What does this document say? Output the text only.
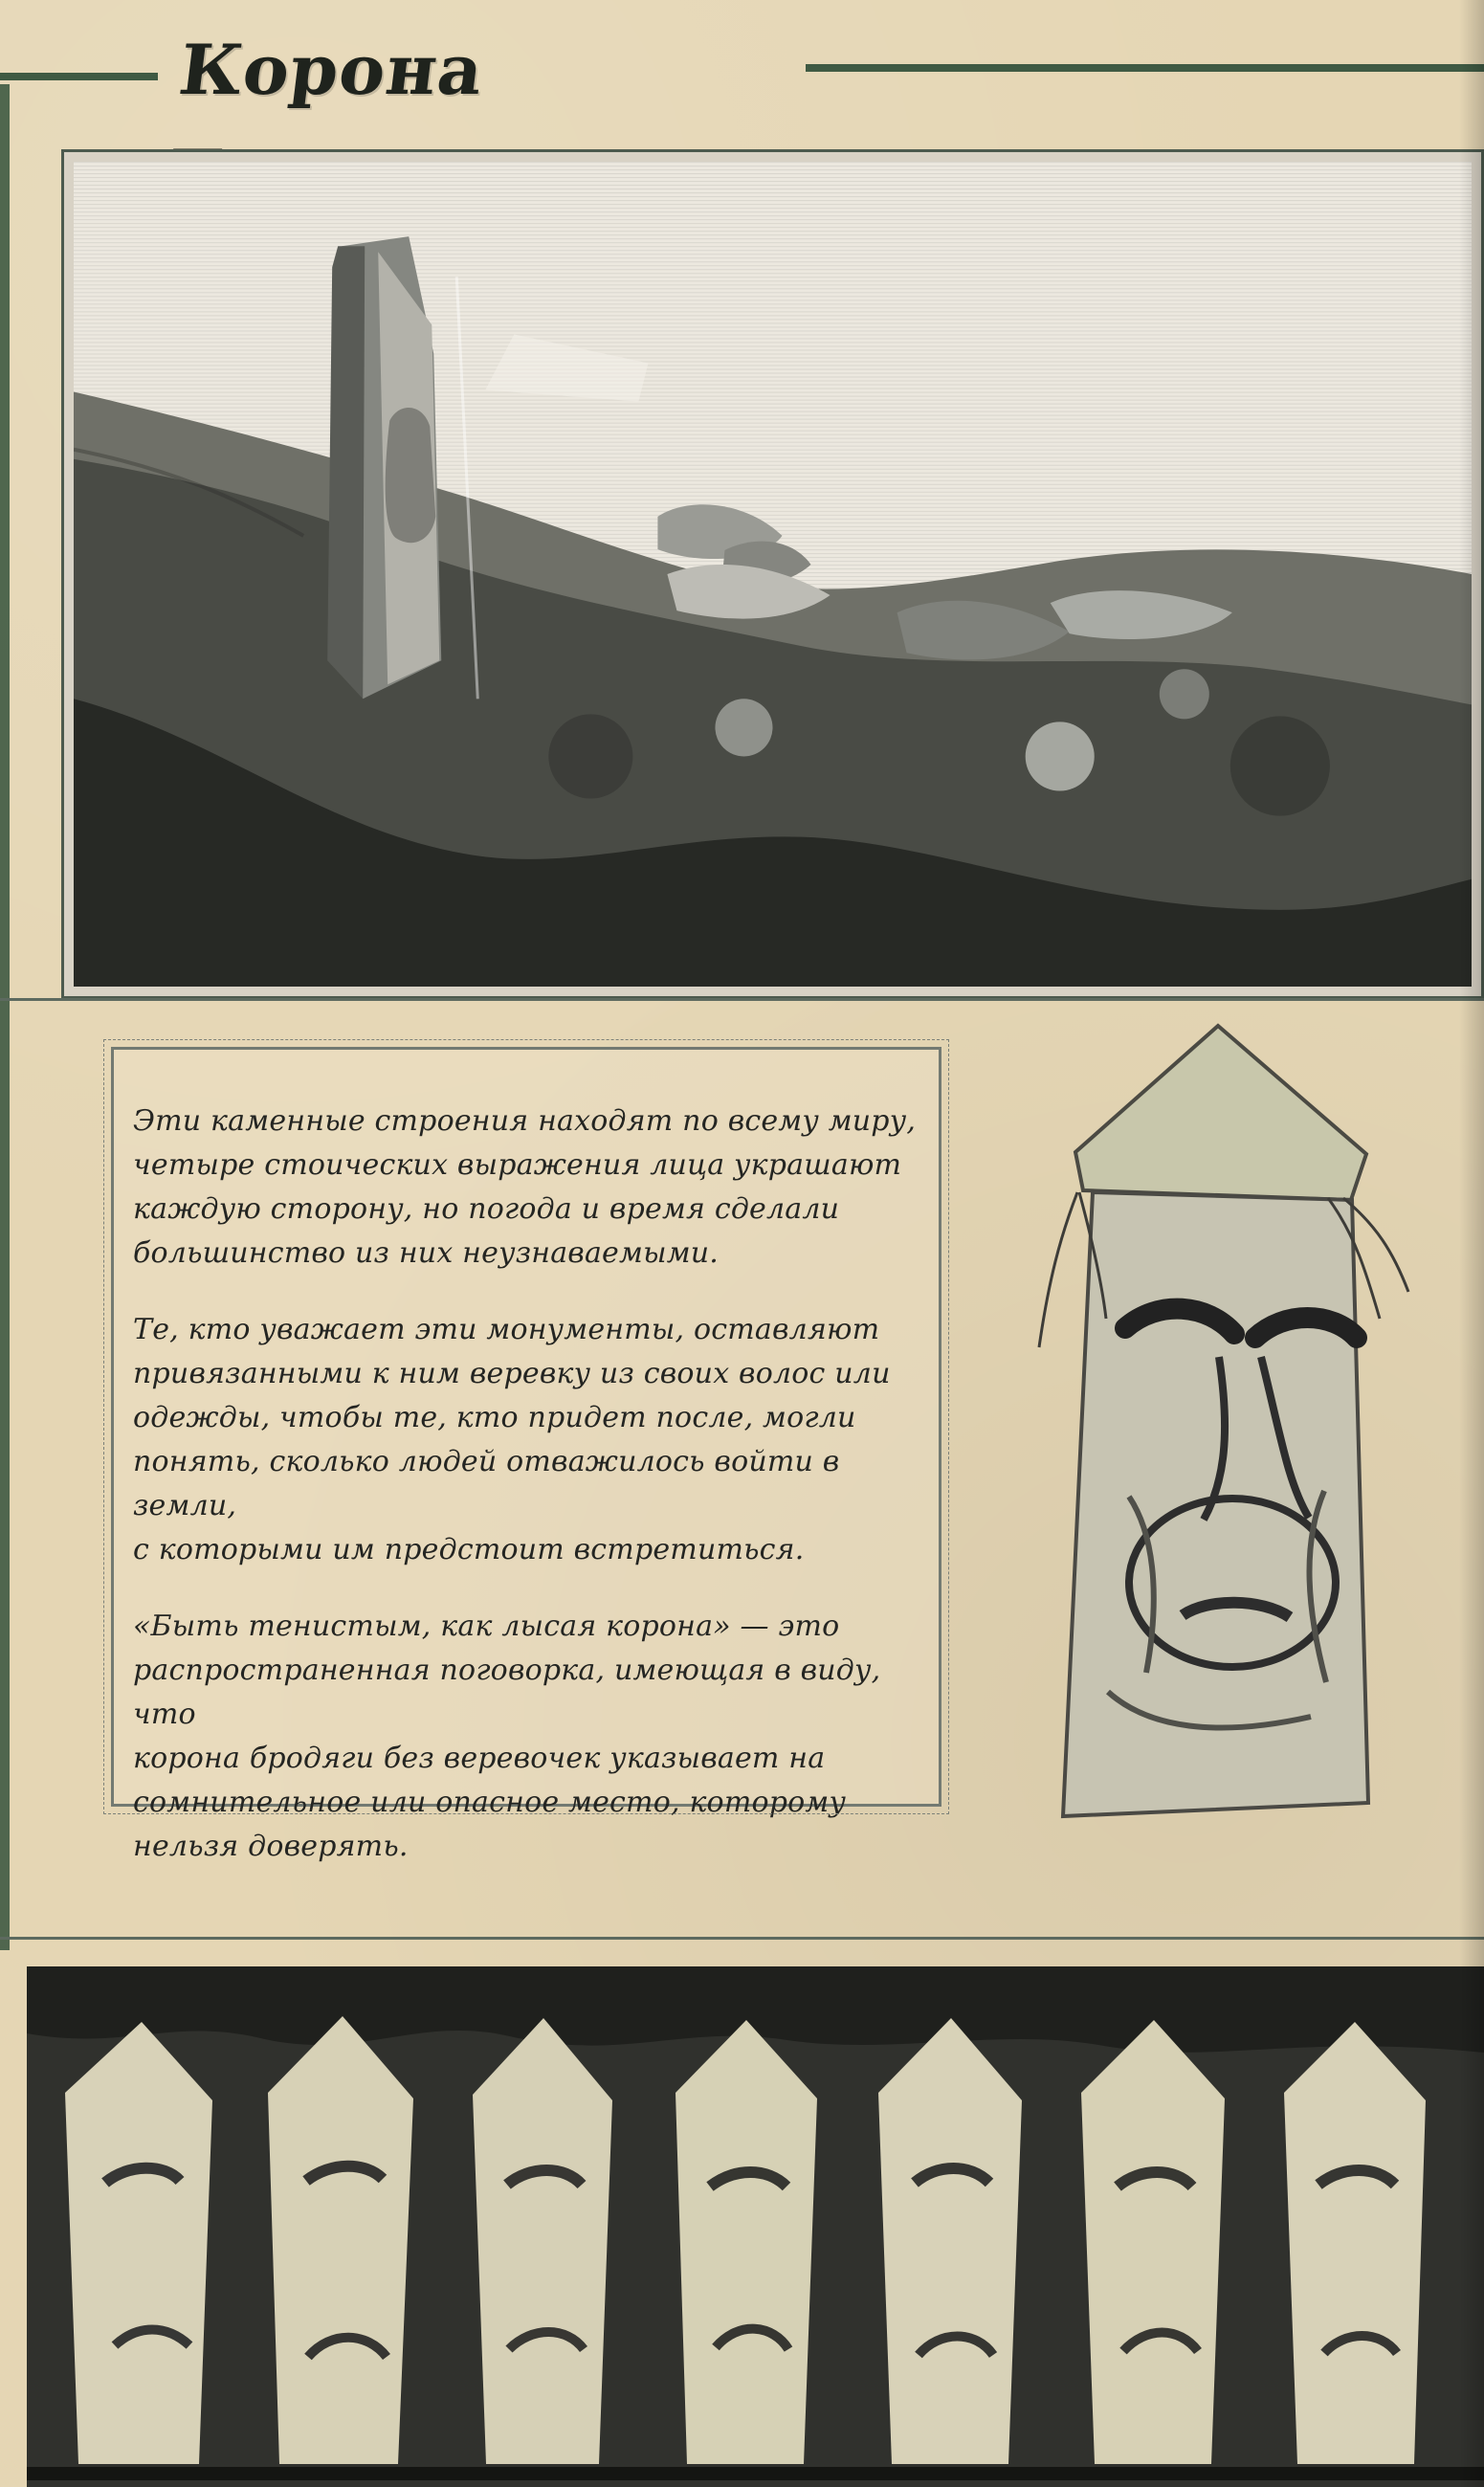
Корона

Эти каменные строения находят по всему миру,
четыре стоических выражения лица украшают
каждую сторону, но погода и время сделали
большинство из них неузнаваемыми.

Те, кто уважает эти монументы, оставляют
привязанными к ним веревку из своих волос или
одежды, чтобы те, кто придет после, могли
понять, сколько людей отважилось войти в земли,
с которыми им предстоит встретиться.

«Быть тенистым, как лысая корона» — это
распространенная поговорка, имеющая в виду, что
корона бродяги без веревочек указывает на
сомнительное или опасное место, которому
нельзя доверять.
